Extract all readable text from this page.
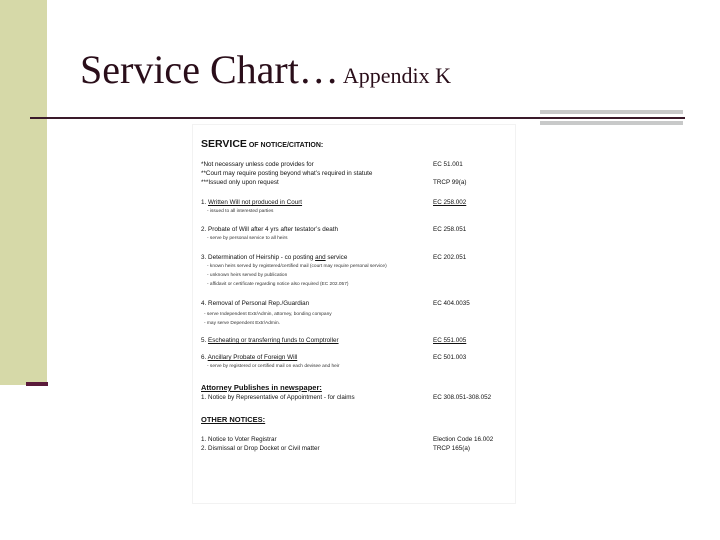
Service Chart… Appendix K
SERVICE OF NOTICE/CITATION:
*Not necessary unless code provides for	EC 51.001
**Court may require posting beyond what’s required in statute
***Issued only upon request	TRCP 99(a)
1. Written Will not produced in Court	EC 258.002
- issued to all interested parties
2. Probate of Will after 4 yrs after testator’s death	EC 258.051
- serve by personal service to all heirs
3. Determination of Heirship - co posting and service	EC 202.051
- known heirs served by registered/certified mail (court may require personal service)
- unknown heirs served by publication
- affidavit or certificate regarding notice also required (EC 202.057)
4. Removal of Personal Rep./Guardian	EC 404.0035
- serve Independent Extr/Admin, attorney, bonding company
- may serve Dependent Extr/Admin.
5. Escheating or transferring funds to Comptroller	EC 551.005
6. Ancillary Probate of Foreign Will	EC 501.003
- serve by registered or certified mail on each devisee and heir
Attorney Publishes in newspaper:
1. Notice by Representative of Appointment - for claims	EC 308.051-308.052
OTHER NOTICES:
1. Notice to Voter Registrar	Election Code 16.002
2. Dismissal or Drop Docket or Civil matter	TRCP 165(a)
